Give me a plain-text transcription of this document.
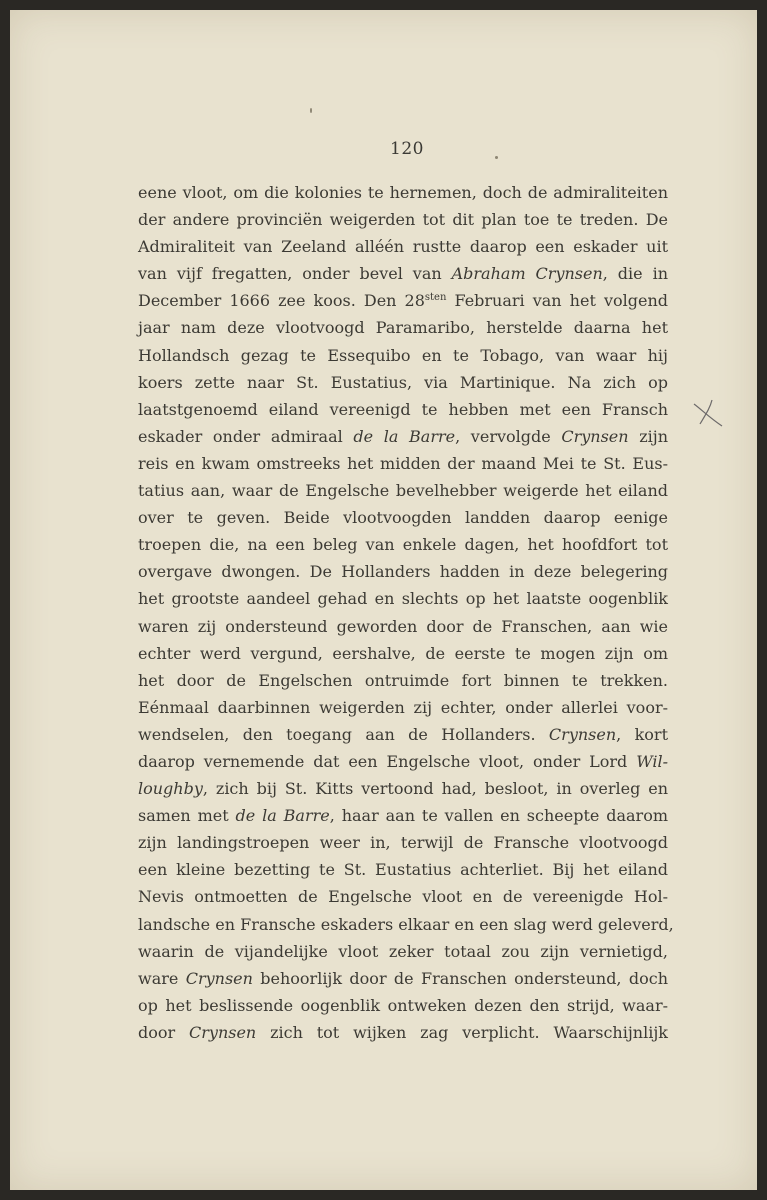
120
eene vloot, om die kolonies te hernemen, doch de admiraliteiten
der andere provinciën weigerden tot dit plan toe te treden. De
Admiraliteit van Zeeland alléén rustte daarop een eskader uit
van vijf fregatten, onder bevel van Abraham Crynsen, die in
December 1666 zee koos. Den $28^{sten}$ Februari van het volgend
jaar nam deze vlootvoogd Paramaribo, herstelde daarna het
Hollandsch gezag te Essequibo en te Tobago, van waar hij
koers zette naar St. Eustatius, via Martinique. Na zich op
laatstgenoemd eiland vereenigd te hebben met een Fransch
eskader onder admiraal de la Barre, vervolgde Crynsen zijn
reis en kwam omstreeks het midden der maand Mei te St. Eus-
tatius aan, waar de Engelsche bevelhebber weigerde het eiland
over te geven. Beide vlootvoogden landden daarop eenige
troepen die, na een beleg van enkele dagen, het hoofdfort tot
overgave dwongen. De Hollanders hadden in deze belegering
het grootste aandeel gehad en slechts op het laatste oogenblik
waren zij ondersteund geworden door de Franschen, aan wie
echter werd vergund, eershalve, de eerste te mogen zijn om
het door de Engelschen ontruimde fort binnen te trekken.
Eénmaal daarbinnen weigerden zij echter, onder allerlei voor-
wendselen, den toegang aan de Hollanders. Crynsen, kort
daarop vernemende dat een Engelsche vloot, onder Lord Wil-
loughby, zich bij St. Kitts vertoond had, besloot, in overleg en
samen met de la Barre, haar aan te vallen en scheepte daarom
zijn landingstroepen weer in, terwijl de Fransche vlootvoogd
een kleine bezetting te St. Eustatius achterliet. Bij het eiland
Nevis ontmoetten de Engelsche vloot en de vereenigde Hol-
landsche en Fransche eskaders elkaar en een slag werd geleverd,
waarin de vijandelijke vloot zeker totaal zou zijn vernietigd,
ware Crynsen behoorlijk door de Franschen ondersteund, doch
op het beslissende oogenblik ontweken dezen den strijd, waar-
door Crynsen zich tot wijken zag verplicht. Waarschijnlijk
